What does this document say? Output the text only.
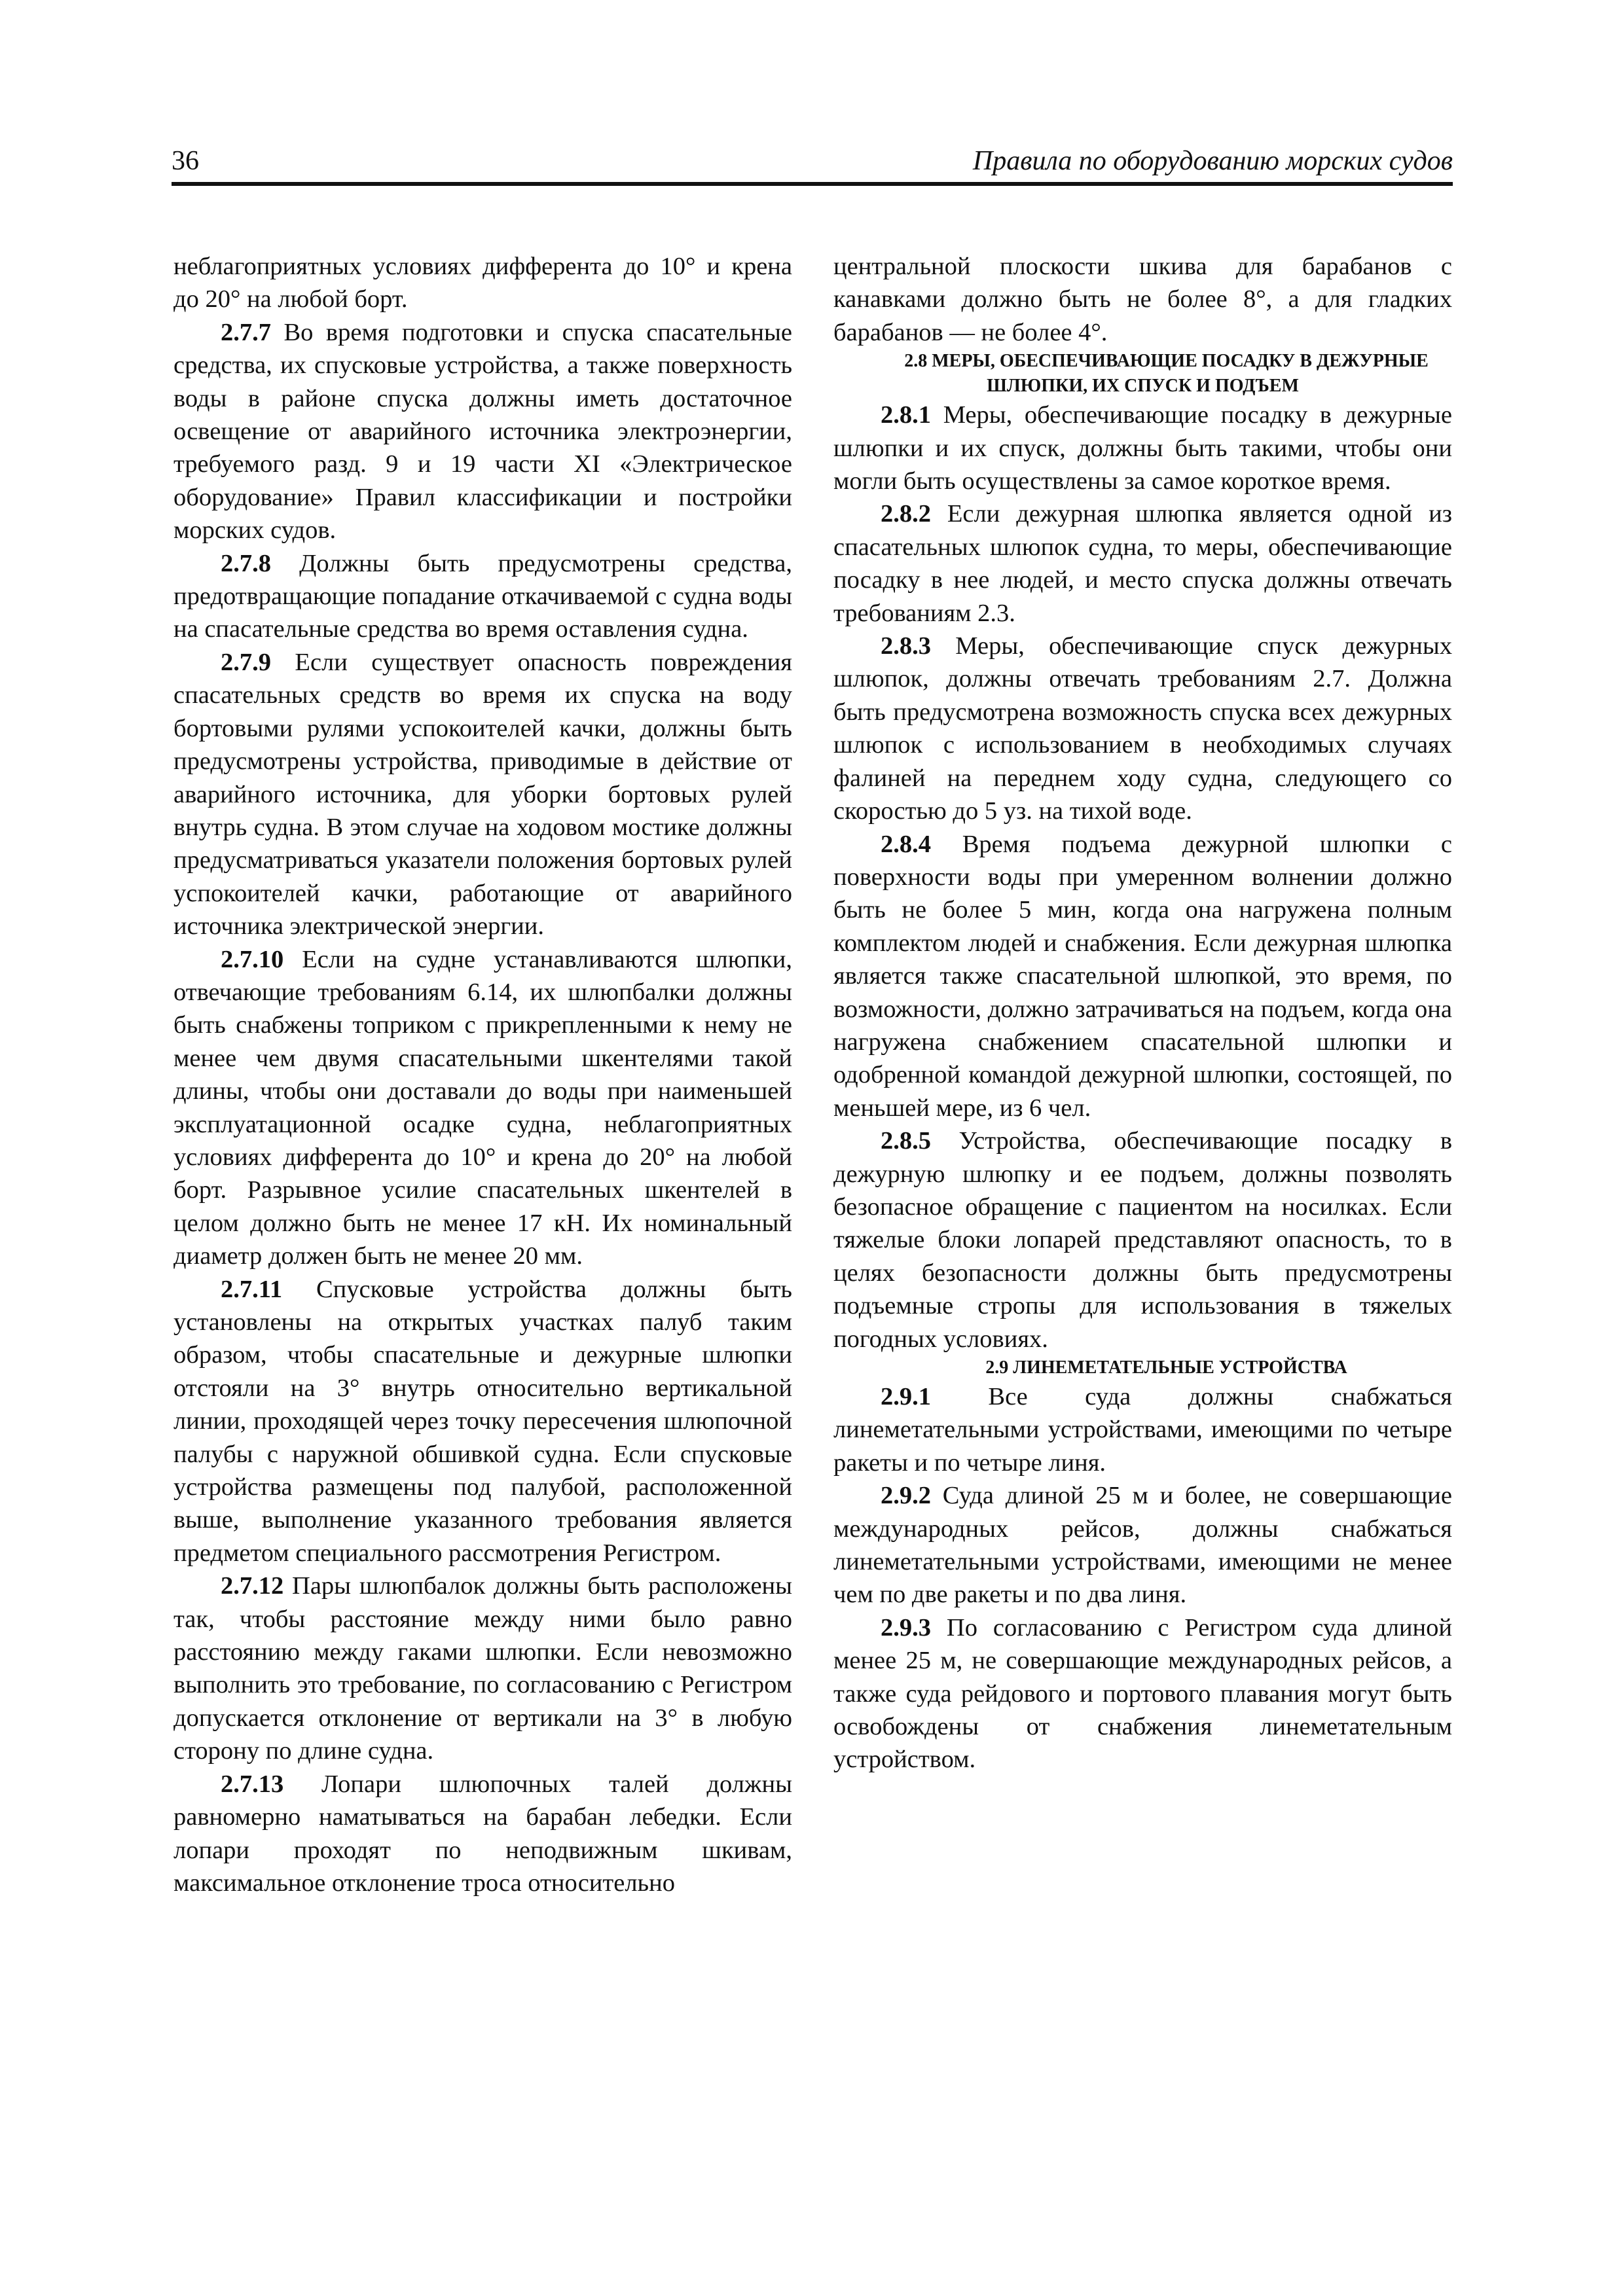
36	Правила по оборудованию морских судов

неблагоприятных условиях дифферента до 10° и крена до 20° на любой борт.

2.7.7 Во время подготовки и спуска спасательные средства, их спусковые устройства, а также поверхность воды в районе спуска должны иметь достаточное освещение от аварийного источника электроэнергии, требуемого разд. 9 и 19 части XI «Электрическое оборудование» Правил классификации и постройки морских судов.

2.7.8 Должны быть предусмотрены средства, предотвращающие попадание откачиваемой с судна воды на спасательные средства во время оставления судна.

2.7.9 Если существует опасность повреждения спасательных средств во время их спуска на воду бортовыми рулями успокоителей качки, должны быть предусмотрены устройства, приводимые в действие от аварийного источника, для уборки бортовых рулей внутрь судна. В этом случае на ходовом мостике должны предусматриваться указатели положения бортовых рулей успокоителей качки, работающие от аварийного источника электрической энергии.

2.7.10 Если на судне устанавливаются шлюпки, отвечающие требованиям 6.14, их шлюпбалки должны быть снабжены топриком с прикрепленными к нему не менее чем двумя спасательными шкентелями такой длины, чтобы они доставали до воды при наименьшей эксплуатационной осадке судна, неблагоприятных условиях дифферента до 10° и крена до 20° на любой борт. Разрывное усилие спасательных шкентелей в целом должно быть не менее 17 кН. Их номинальный диаметр должен быть не менее 20 мм.

2.7.11 Спусковые устройства должны быть установлены на открытых участках палуб таким образом, чтобы спасательные и дежурные шлюпки отстояли на 3° внутрь относительно вертикальной линии, проходящей через точку пересечения шлюпочной палубы с наружной обшивкой судна. Если спусковые устройства размещены под палубой, расположенной выше, выполнение указанного требования является предметом специального рассмотрения Регистром.

2.7.12 Пары шлюпбалок должны быть расположены так, чтобы расстояние между ними было равно расстоянию между гаками шлюпки. Если невозможно выполнить это требование, по согласованию с Регистром допускается отклонение от вертикали на 3° в любую сторону по длине судна.

2.7.13 Лопари шлюпочных талей должны равномерно наматываться на барабан лебедки. Если лопари проходят по неподвижным шкивам, максимальное отклонение троса относительно

центральной плоскости шкива для барабанов с канавками должно быть не более 8°, а для гладких барабанов — не более 4°.

2.8 МЕРЫ, ОБЕСПЕЧИВАЮЩИЕ ПОСАДКУ В ДЕЖУРНЫЕ ШЛЮПКИ, ИХ СПУСК И ПОДЪЕМ

2.8.1 Меры, обеспечивающие посадку в дежурные шлюпки и их спуск, должны быть такими, чтобы они могли быть осуществлены за самое короткое время.

2.8.2 Если дежурная шлюпка является одной из спасательных шлюпок судна, то меры, обеспечивающие посадку в нее людей, и место спуска должны отвечать требованиям 2.3.

2.8.3 Меры, обеспечивающие спуск дежурных шлюпок, должны отвечать требованиям 2.7. Должна быть предусмотрена возможность спуска всех дежурных шлюпок с использованием в необходимых случаях фалиней на переднем ходу судна, следующего со скоростью до 5 уз. на тихой воде.

2.8.4 Время подъема дежурной шлюпки с поверхности воды при умеренном волнении должно быть не более 5 мин, когда она нагружена полным комплектом людей и снабжения. Если дежурная шлюпка является также спасательной шлюпкой, это время, по возможности, должно затрачиваться на подъем, когда она нагружена снабжением спасательной шлюпки и одобренной командой дежурной шлюпки, состоящей, по меньшей мере, из 6 чел.

2.8.5 Устройства, обеспечивающие посадку в дежурную шлюпку и ее подъем, должны позволять безопасное обращение с пациентом на носилках. Если тяжелые блоки лопарей представляют опасность, то в целях безопасности должны быть предусмотрены подъемные стропы для использования в тяжелых погодных условиях.

2.9 ЛИНЕМЕТАТЕЛЬНЫЕ УСТРОЙСТВА

2.9.1 Все суда должны снабжаться линеметательными устройствами, имеющими по четыре ракеты и по четыре линя.

2.9.2 Суда длиной 25 м и более, не совершающие международных рейсов, должны снабжаться линеметательными устройствами, имеющими не менее чем по две ракеты и по два линя.

2.9.3 По согласованию с Регистром суда длиной менее 25 м, не совершающие международных рейсов, а также суда рейдового и портового плавания могут быть освобождены от снабжения линеметательным устройством.
